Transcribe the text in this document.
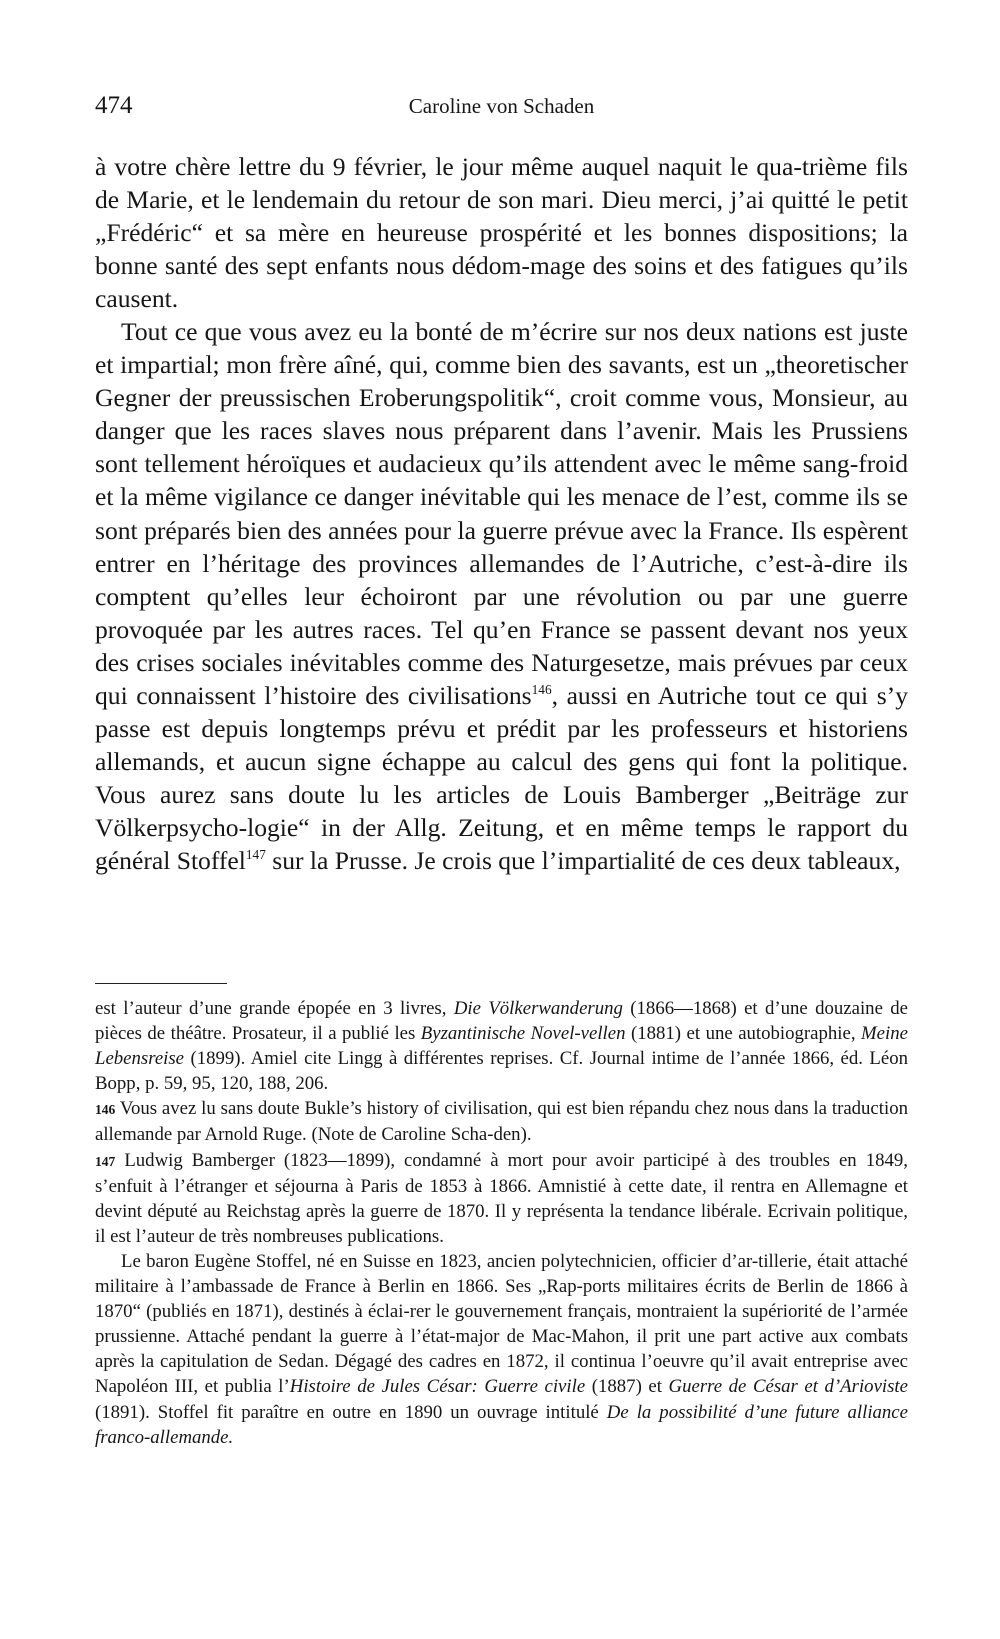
474	Caroline von Schaden

à votre chère lettre du 9 février, le jour même auquel naquit le qua-trième fils de Marie, et le lendemain du retour de son mari. Dieu merci, j’ai quitté le petit „Frédéric“ et sa mère en heureuse prospérité et les bonnes dispositions; la bonne santé des sept enfants nous dédom-mage des soins et des fatigues qu’ils causent.

Tout ce que vous avez eu la bonté de m’écrire sur nos deux nations est juste et impartial; mon frère aîné, qui, comme bien des savants, est un „theoretischer Gegner der preussischen Eroberungspolitik“, croit comme vous, Monsieur, au danger que les races slaves nous préparent dans l’avenir. Mais les Prussiens sont tellement héroïques et audacieux qu’ils attendent avec le même sang-froid et la même vigilance ce danger inévitable qui les menace de l’est, comme ils se sont préparés bien des années pour la guerre prévue avec la France. Ils espèrent entrer en l’héritage des provinces allemandes de l’Autriche, c’est-à-dire ils comptent qu’elles leur échoiront par une révolution ou par une guerre provoquée par les autres races. Tel qu’en France se passent devant nos yeux des crises sociales inévitables comme des Naturgesetze, mais prévues par ceux qui connaissent l’histoire des civilisations$^{146}$, aussi en Autriche tout ce qui s’y passe est depuis longtemps prévu et prédit par les professeurs et historiens allemands, et aucun signe échappe au calcul des gens qui font la politique. Vous aurez sans doute lu les articles de Louis Bamberger „Beiträge zur Völkerpsycho-logie“ in der Allg. Zeitung, et en même temps le rapport du général Stoffel$^{147}$ sur la Prusse. Je crois que l’impartialité de ces deux tableaux,

est l’auteur d’une grande épopée en 3 livres, Die Völkerwanderung (1866—1868) et d’une douzaine de pièces de théâtre. Prosateur, il a publié les Byzantinische Novel-vellen (1881) et une autobiographie, Meine Lebensreise (1899). Amiel cite Lingg à différentes reprises. Cf. Journal intime de l’année 1866, éd. Léon Bopp, p. 59, 95, 120, 188, 206.

146 Vous avez lu sans doute Bukle’s history of civilisation, qui est bien répandu chez nous dans la traduction allemande par Arnold Ruge. (Note de Caroline Scha-den).

147 Ludwig Bamberger (1823—1899), condamné à mort pour avoir participé à des troubles en 1849, s’enfuit à l’étranger et séjourna à Paris de 1853 à 1866. Amnistié à cette date, il rentra en Allemagne et devint député au Reichstag après la guerre de 1870. Il y représenta la tendance libérale. Ecrivain politique, il est l’auteur de très nombreuses publications.

Le baron Eugène Stoffel, né en Suisse en 1823, ancien polytechnicien, officier d’ar-tillerie, était attaché militaire à l’ambassade de France à Berlin en 1866. Ses „Rap-ports militaires écrits de Berlin de 1866 à 1870“ (publiés en 1871), destinés à éclai-rer le gouvernement français, montraient la supériorité de l’armée prussienne. Attaché pendant la guerre à l’état-major de Mac-Mahon, il prit une part active aux combats après la capitulation de Sedan. Dégagé des cadres en 1872, il continua l’oeuvre qu’il avait entreprise avec Napoléon III, et publia l’Histoire de Jules César: Guerre civile (1887) et Guerre de César et d’Arioviste (1891). Stoffel fit paraître en outre en 1890 un ouvrage intitulé De la possibilité d’une future alliance franco-allemande.
